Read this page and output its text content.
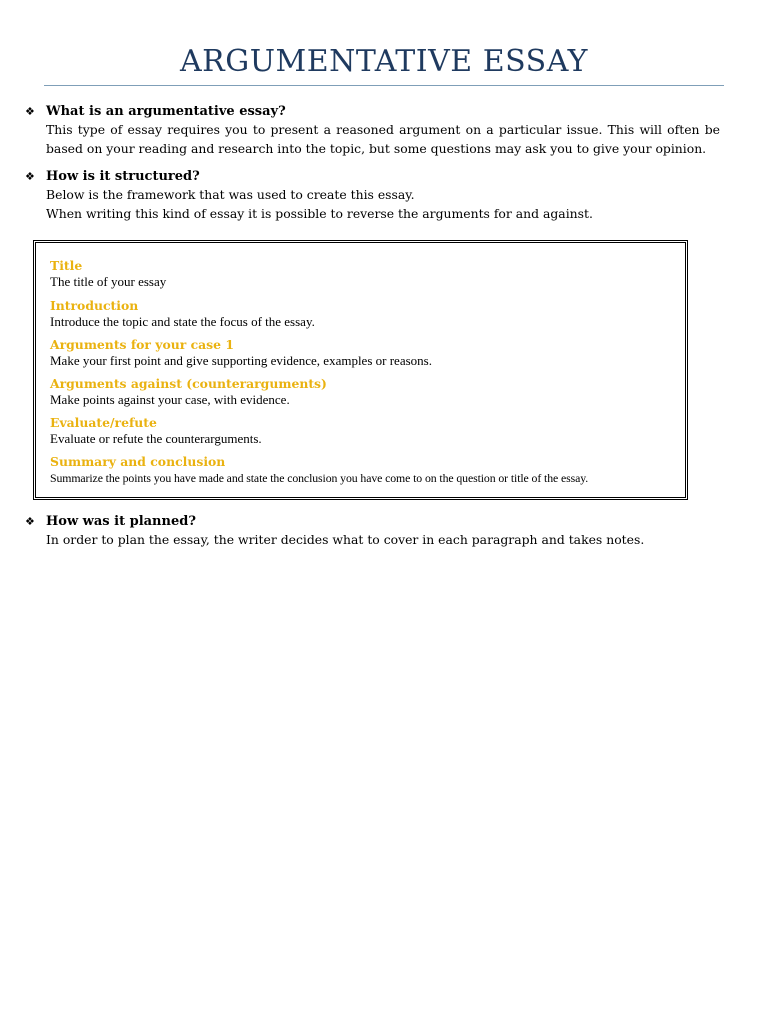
ARGUMENTATIVE ESSAY
❖ What is an argumentative essay?
This type of essay requires you to present a reasoned argument on a particular issue. This will often be based on your reading and research into the topic, but some questions may ask you to give your opinion.
❖ How is it structured?
Below is the framework that was used to create this essay.
When writing this kind of essay it is possible to reverse the arguments for and against.
Title
The title of your essay
Introduction
Introduce the topic and state the focus of the essay.
Arguments for your case 1
Make your first point and give supporting evidence, examples or reasons.
Arguments against (counterarguments)
Make points against your case, with evidence.
Evaluate/refute
Evaluate or refute the counterarguments.
Summary and conclusion
Summarize the points you have made and state the conclusion you have come to on the question or title of the essay.
❖ How was it planned?
In order to plan the essay, the writer decides what to cover in each paragraph and takes notes.
